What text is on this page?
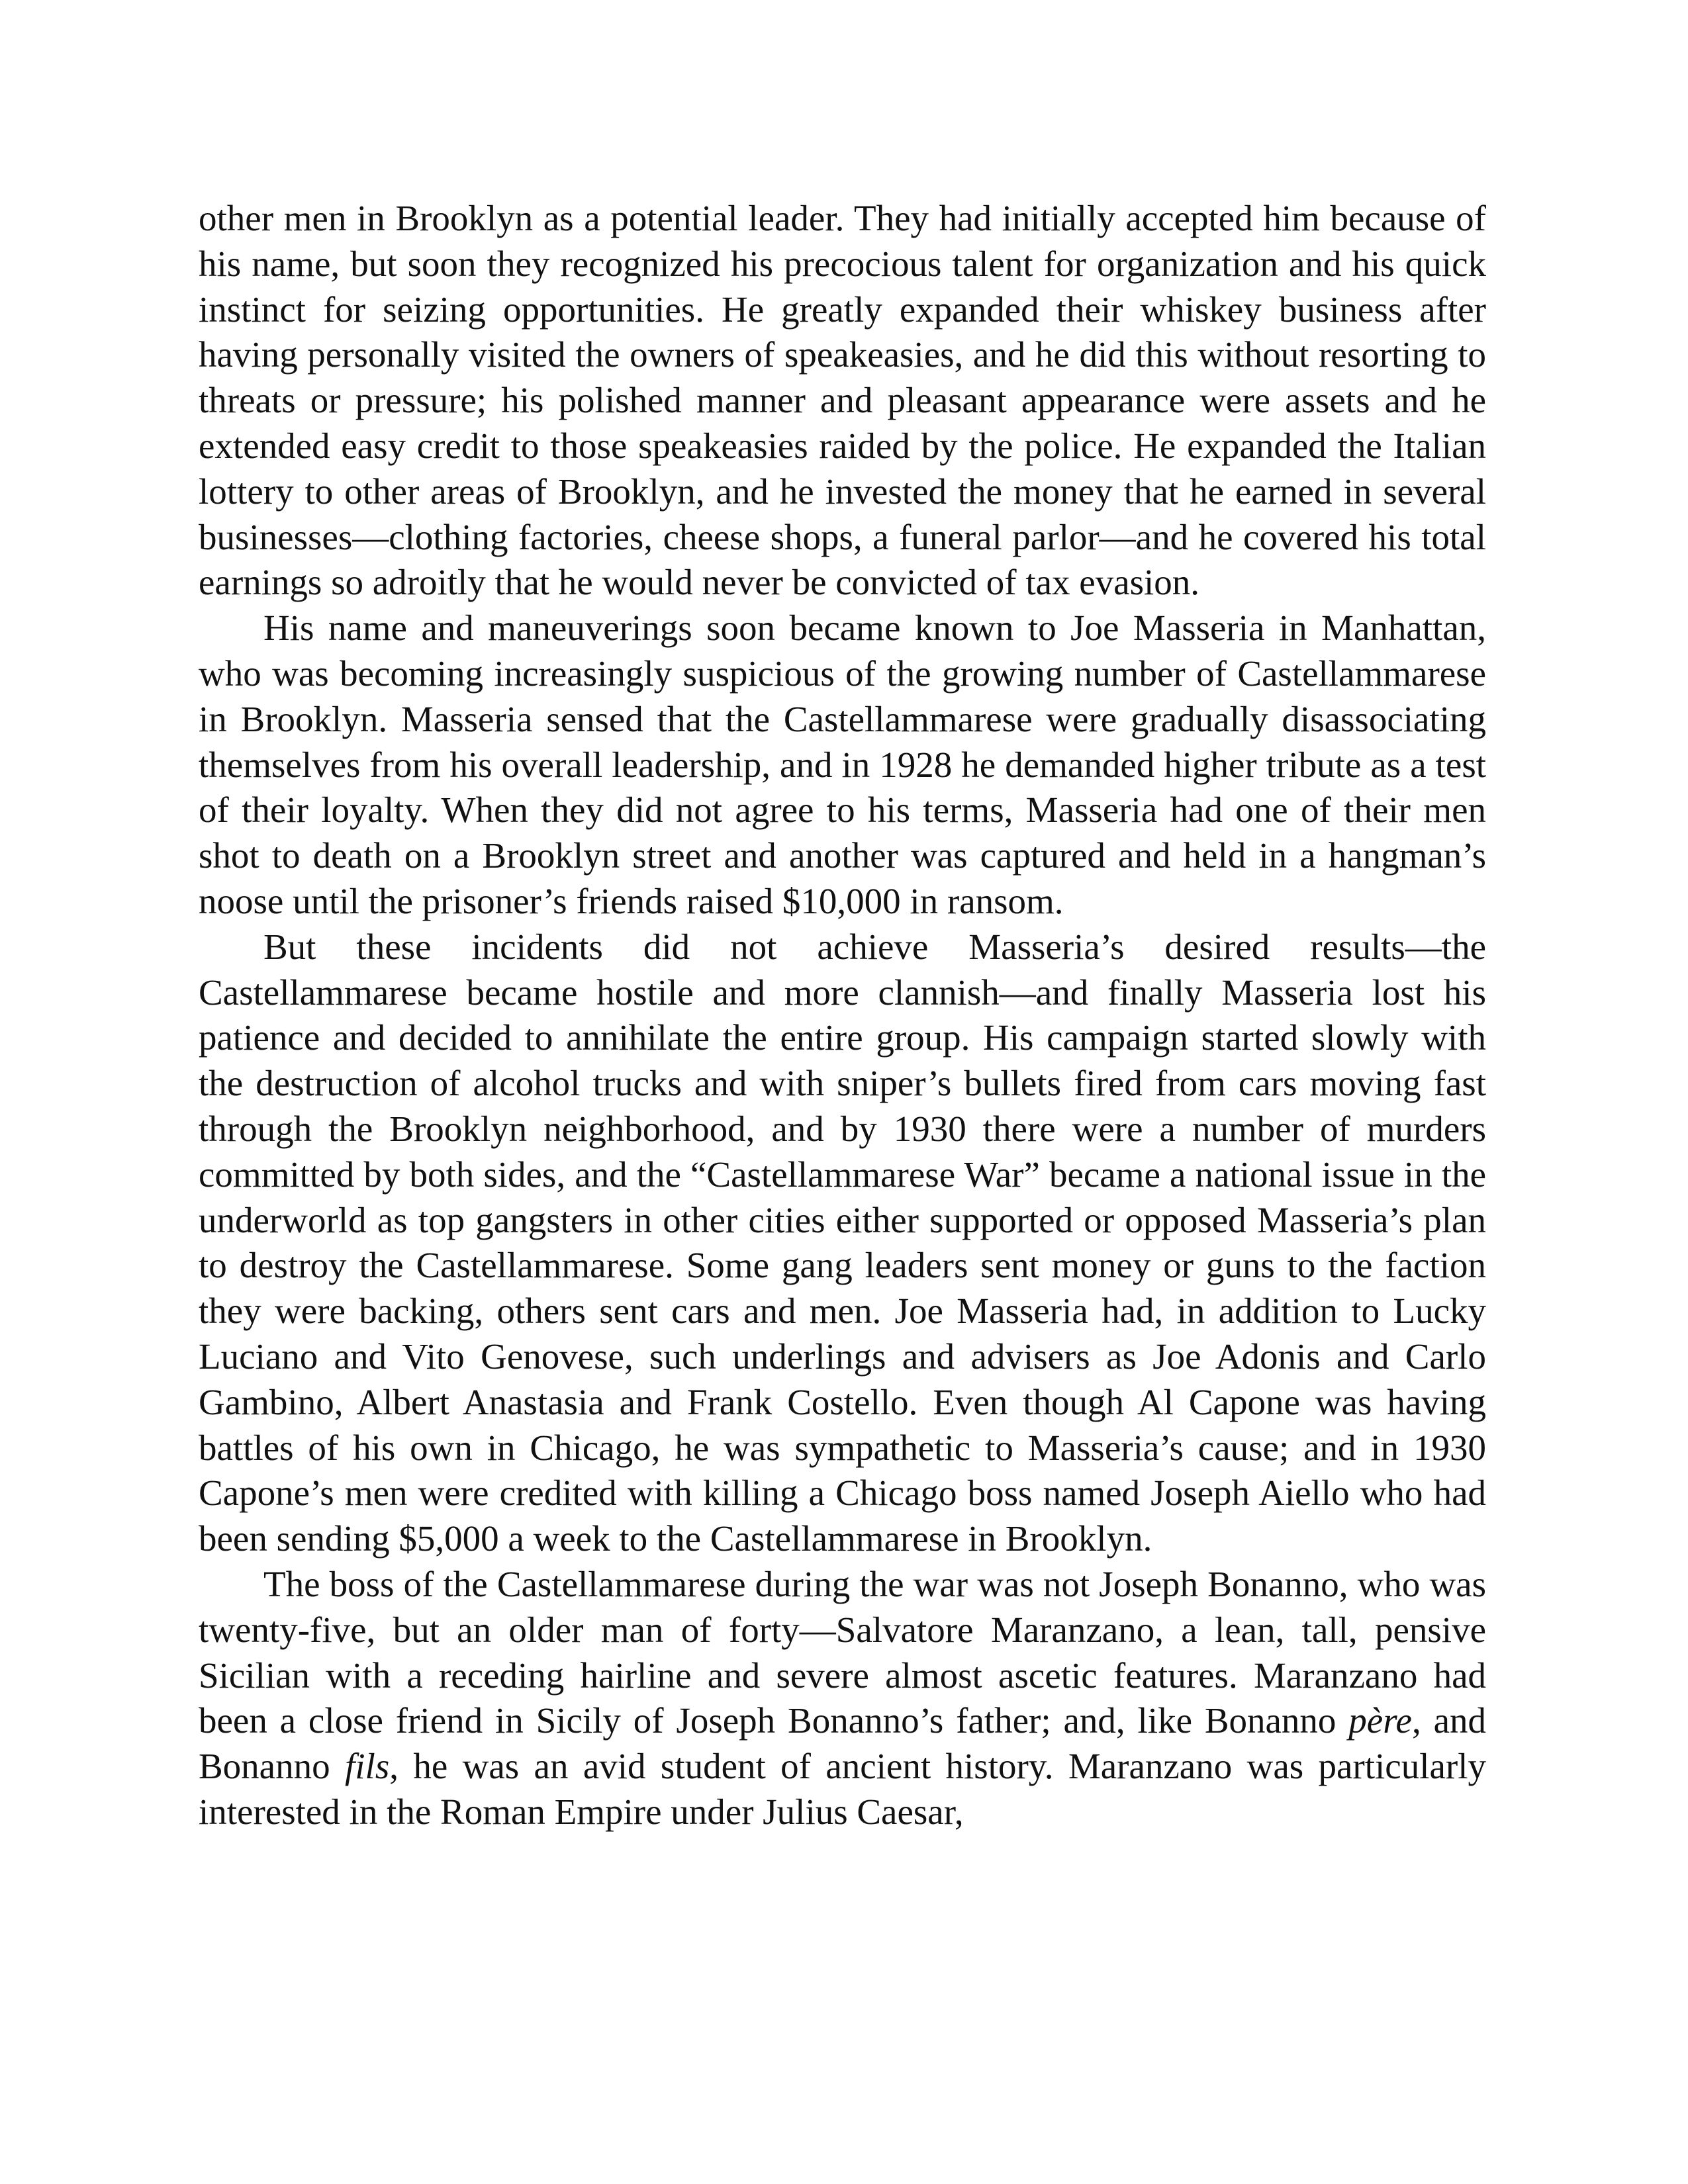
other men in Brooklyn as a potential leader. They had initially accepted him because of his name, but soon they recognized his precocious talent for organization and his quick instinct for seizing opportunities. He greatly expanded their whiskey business after having personally visited the owners of speakeasies, and he did this without resorting to threats or pressure; his polished manner and pleasant appearance were assets and he extended easy credit to those speakeasies raided by the police. He expanded the Italian lottery to other areas of Brooklyn, and he invested the money that he earned in several businesses—clothing factories, cheese shops, a funeral parlor—and he covered his total earnings so adroitly that he would never be convicted of tax evasion.

His name and maneuverings soon became known to Joe Masseria in Manhattan, who was becoming increasingly suspicious of the growing number of Castellammarese in Brooklyn. Masseria sensed that the Castellammarese were gradually disassociating themselves from his overall leadership, and in 1928 he demanded higher tribute as a test of their loyalty. When they did not agree to his terms, Masseria had one of their men shot to death on a Brooklyn street and another was captured and held in a hangman’s noose until the prisoner’s friends raised $10,000 in ransom.

But these incidents did not achieve Masseria’s desired results—the Castellammarese became hostile and more clannish—and finally Masseria lost his patience and decided to annihilate the entire group. His campaign started slowly with the destruction of alcohol trucks and with sniper’s bullets fired from cars moving fast through the Brooklyn neighborhood, and by 1930 there were a number of murders committed by both sides, and the “Castellammarese War” became a national issue in the underworld as top gangsters in other cities either supported or opposed Masseria’s plan to destroy the Castellammarese. Some gang leaders sent money or guns to the faction they were backing, others sent cars and men. Joe Masseria had, in addition to Lucky Luciano and Vito Genovese, such underlings and advisers as Joe Adonis and Carlo Gambino, Albert Anastasia and Frank Costello. Even though Al Capone was having battles of his own in Chicago, he was sympathetic to Masseria’s cause; and in 1930 Capone’s men were credited with killing a Chicago boss named Joseph Aiello who had been sending $5,000 a week to the Castellammarese in Brooklyn.

The boss of the Castellammarese during the war was not Joseph Bonanno, who was twenty-five, but an older man of forty—Salvatore Maranzano, a lean, tall, pensive Sicilian with a receding hairline and severe almost ascetic features. Maranzano had been a close friend in Sicily of Joseph Bonanno’s father; and, like Bonanno père, and Bonanno fils, he was an avid student of ancient history. Maranzano was particularly interested in the Roman Empire under Julius Caesar,
